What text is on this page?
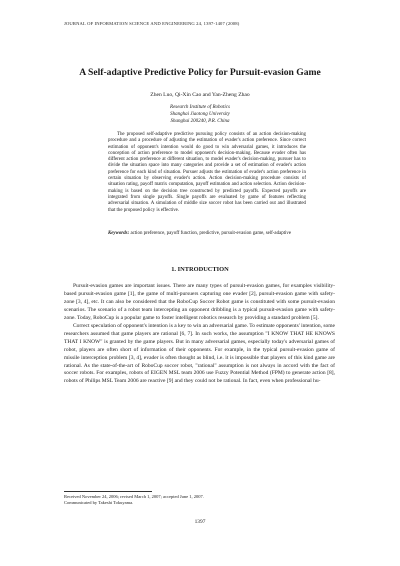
JOURNAL OF INFORMATION SCIENCE AND ENGINEERING 24, 1397-1407 (2008)
A Self-adaptive Predictive Policy for Pursuit-evasion Game
Zhen Luo, Qi-Xin Cao and Yan-Zheng Zhao
Research Institute of Robotics
Shanghai Jiaotong University
Shanghai 200240, P.R. China
The proposed self-adaptive predictive pursuing policy consists of an action decision-making procedure and a procedure of adjusting the estimation of evader's action preference. Since correct estimation of opponent's intention would do good to win adversarial games, it introduces the conception of action preference to model opponent's decision-making. Because evader often has different action preference at different situation, to model evader's decision-making, pursuer has to divide the situation space into many categories and provide a set of estimation of evader's action preference for each kind of situation. Pursuer adjusts the estimation of evader's action preference in certain situation by observing evader's action. Action decision-making procedure consists of situation rating, payoff matrix computation, payoff estimation and action selection. Action decision-making is based on the decision tree constructed by predicted payoffs. Expected payoffs are integrated from single payoffs. Single payoffs are evaluated by game of features reflecting adversarial situation. A simulation of middle size soccer robot has been carried out and illustrated that the proposed policy is effective.
Keywords: action preference, payoff function, predictive, pursuit-evasion game, self-adaptive
1. INTRODUCTION

Pursuit-evasion games are important issues. There are many types of pursuit-evasion games, for examples visibility-based pursuit-evasion game [1], the game of multi-pursuers capturing one evader [2], pursuit-evasion game with safety-zone [3, 4], etc. It can also be considered that the RoboCup Soccer Robot game is constituted with some pursuit-evasion scenarios. The scenario of a robot team intercepting an opponent dribbling is a typical pursuit-evasion game with safety-zone. Today, RoboCup is a popular game to foster intelligent robotics research by providing a standard problem [5].

Correct speculation of opponent's intention is a key to win an adversarial game. To estimate opponents' intention, some researchers assumed that game players are rational [6, 7]. In such works, the assumption "I KNOW THAT HE KNOWS THAT I KNOW" is granted by the game players. But in many adversarial games, especially today's adversarial games of robot, players are often short of information of their opponents. For example, in the typical pursuit-evasion game of missile interception problem [3, 4], evader is often thought as blind, i.e. it is impossible that players of this kind game are rational. As the state-of-the-art of RoboCup soccer robot, "rational" assumption is not always in accord with the fact of soccer robots. For examples, robots of EIGEN MSL team 2006 use Fuzzy Potential Method (FPM) to generate action [8], robots of Philips MSL Team 2006 are reactive [9] and they could not be rational. In fact, even when professional hu-

Received November 24, 2006; revised March 1, 2007; accepted June 1, 2007.
Communicated by Takeshi Tokuyama.
1397
